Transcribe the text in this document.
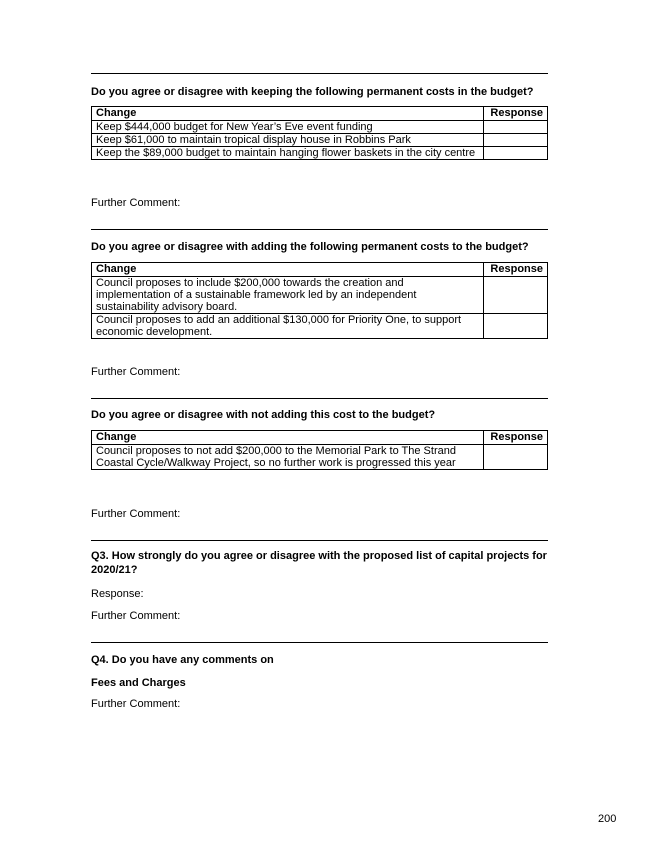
Do you agree or disagree with keeping the following permanent costs in the budget?
Change	Response
Keep $444,000 budget for New Year’s Eve event funding	
Keep $61,000 to maintain tropical display house in Robbins Park	
Keep the $89,000 budget to maintain hanging flower baskets in the city centre	
Further Comment:
Do you agree or disagree with adding the following permanent costs to the budget?
Change	Response
Council proposes to include $200,000 towards the creation and implementation of a sustainable framework led by an independent sustainability advisory board.	
Council proposes to add an additional $130,000 for Priority One, to support economic development.	
Further Comment:
Do you agree or disagree with not adding this cost to the budget?
Change	Response
Council proposes to not add $200,000 to the Memorial Park to The Strand Coastal Cycle/Walkway Project, so no further work is progressed this year	
Further Comment:
Q3. How strongly do you agree or disagree with the proposed list of capital projects for 2020/21?
Response:
Further Comment:
Q4. Do you have any comments on
Fees and Charges
Further Comment:
200
